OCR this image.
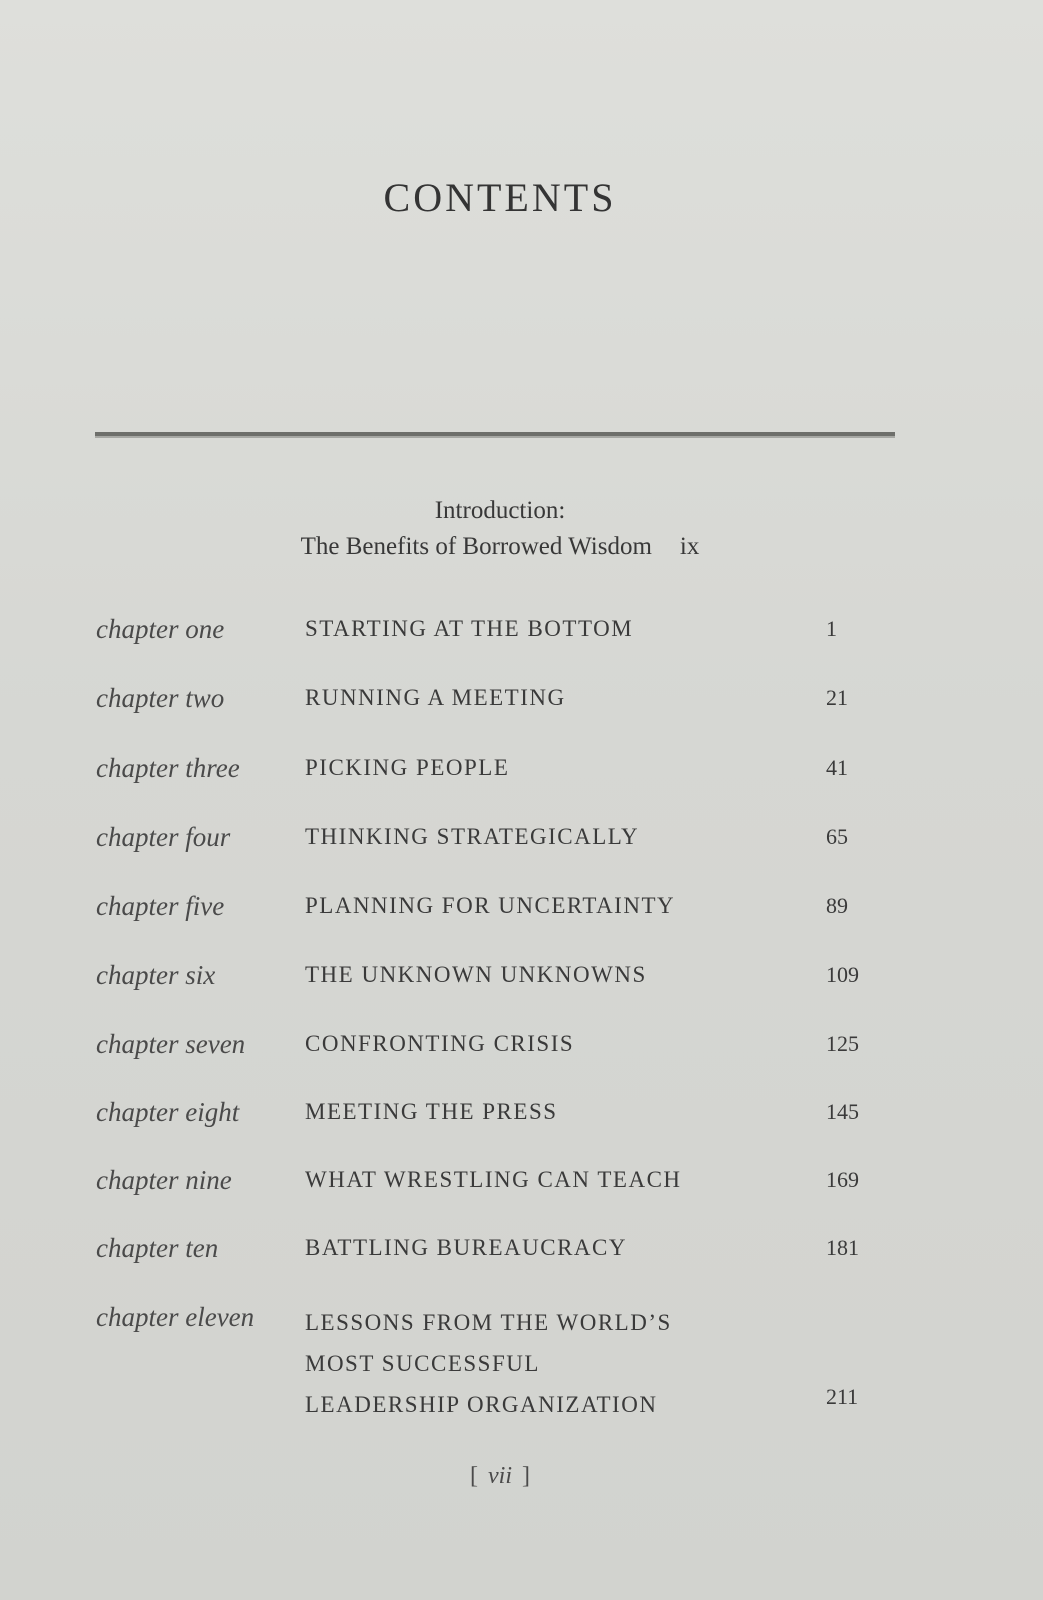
CONTENTS
Introduction:
The Benefits of Borrowed Wisdom ix
chapter one	STARTING AT THE BOTTOM	1
chapter two	RUNNING A MEETING	21
chapter three	PICKING PEOPLE	41
chapter four	THINKING STRATEGICALLY	65
chapter five	PLANNING FOR UNCERTAINTY	89
chapter six	THE UNKNOWN UNKNOWNS	109
chapter seven	CONFRONTING CRISIS	125
chapter eight	MEETING THE PRESS	145
chapter nine	WHAT WRESTLING CAN TEACH	169
chapter ten	BATTLING BUREAUCRACY	181
chapter eleven LESSONS FROM THE WORLD’S
MOST SUCCESSFUL
LEADERSHIP ORGANIZATION	211
[ vii ]
